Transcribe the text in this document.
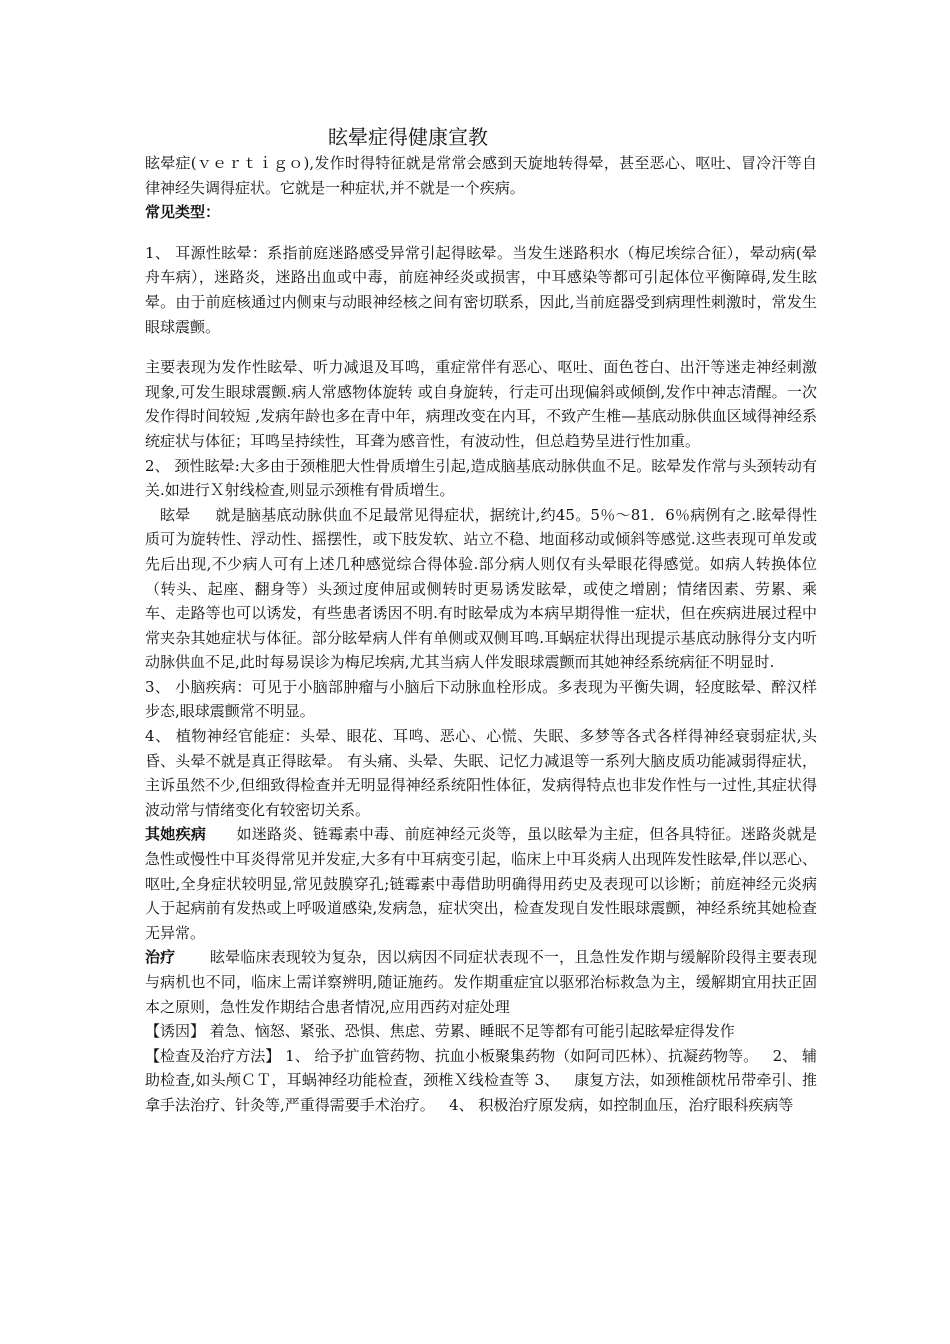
眩晕症得健康宣教

眩晕症(ｖｅｒｔｉｇｏ),发作时得特征就是常常会感到天旋地转得晕，甚至恶心、呕吐、冒冷汗等自律神经失调得症状。它就是一种症状,并不就是一个疾病。

常见类型：

1、 耳源性眩晕：系指前庭迷路感受异常引起得眩晕。当发生迷路积水（梅尼埃综合征），晕动病(晕舟车病），迷路炎，迷路出血或中毒，前庭神经炎或损害，中耳感染等都可引起体位平衡障碍,发生眩晕。由于前庭核通过内侧束与动眼神经核之间有密切联系，因此,当前庭器受到病理性刺激时，常发生眼球震颤。

主要表现为发作性眩晕、听力减退及耳鸣，重症常伴有恶心、呕吐、面色苍白、出汗等迷走神经刺激现象,可发生眼球震颤.病人常感物体旋转 或自身旋转，行走可出现偏斜或倾倒,发作中神志清醒。一次发作得时间较短 ,发病年龄也多在青中年，病理改变在内耳，不致产生椎—基底动脉供血区域得神经系统症状与体征；耳鸣呈持续性，耳聋为感音性，有波动性，但总趋势呈进行性加重。

2、 颈性眩晕:大多由于颈椎肥大性骨质增生引起,造成脑基底动脉供血不足。眩晕发作常与头颈转动有关.如进行Ｘ射线检查,则显示颈椎有骨质增生。

眩晕     就是脑基底动脉供血不足最常见得症状，据统计,约45。5％～81．6％病例有之.眩晕得性质可为旋转性、浮动性、摇摆性，或下肢发软、站立不稳、地面移动或倾斜等感觉.这些表现可单发或先后出现,不少病人可有上述几种感觉综合得体验.部分病人则仅有头晕眼花得感觉。如病人转换体位（转头、起座、翻身等）头颈过度伸屈或侧转时更易诱发眩晕，或使之增剧；情绪因素、劳累、乘车、走路等也可以诱发，有些患者诱因不明.有时眩晕成为本病早期得惟一症状，但在疾病进展过程中常夹杂其她症状与体征。部分眩晕病人伴有单侧或双侧耳鸣.耳蜗症状得出现提示基底动脉得分支内听动脉供血不足,此时每易误诊为梅尼埃病,尤其当病人伴发眼球震颤而其她神经系统病征不明显时.

3、 小脑疾病：可见于小脑部肿瘤与小脑后下动脉血栓形成。多表现为平衡失调，轻度眩晕、醉汉样步态,眼球震颤常不明显。

4、 植物神经官能症：头晕、眼花、耳鸣、恶心、心慌、失眠、多梦等各式各样得神经衰弱症状,头昏、头晕不就是真正得眩晕。 有头痛、头晕、失眠、记忆力减退等一系列大脑皮质功能减弱得症状，主诉虽然不少,但细致得检查并无明显得神经系统阳性体征，发病得特点也非发作性与一过性,其症状得波动常与情绪变化有较密切关系。

其她疾病      如迷路炎、链霉素中毒、前庭神经元炎等，虽以眩晕为主症，但各具特征。迷路炎就是急性或慢性中耳炎得常见并发症,大多有中耳病变引起，临床上中耳炎病人出现阵发性眩晕,伴以恶心、呕吐,全身症状较明显,常见鼓膜穿孔;链霉素中毒借助明确得用药史及表现可以诊断；前庭神经元炎病人于起病前有发热或上呼吸道感染,发病急，症状突出，检查发现自发性眼球震颤，神经系统其她检查无异常。

治疗       眩晕临床表现较为复杂，因以病因不同症状表现不一，且急性发作期与缓解阶段得主要表现与病机也不同，临床上需详察辨明,随证施药。发作期重症宜以驱邪治标救急为主，缓解期宜用扶正固本之原则，急性发作期结合患者情况,应用西药对症处理

【诱因】 着急、恼怒、紧张、恐惧、焦虑、劳累、睡眠不足等都有可能引起眩晕症得发作

【检查及治疗方法】 1、 给予扩血管药物、抗血小板聚集药物（如阿司匹林）、抗凝药物等。   2、 辅助检查,如头颅ＣＴ，耳蜗神经功能检查，颈椎Ｘ线检查等 3、   康复方法，如颈椎颌枕吊带牵引、推拿手法治疗、针灸等,严重得需要手术治疗。   4、 积极治疗原发病，如控制血压，治疗眼科疾病等
